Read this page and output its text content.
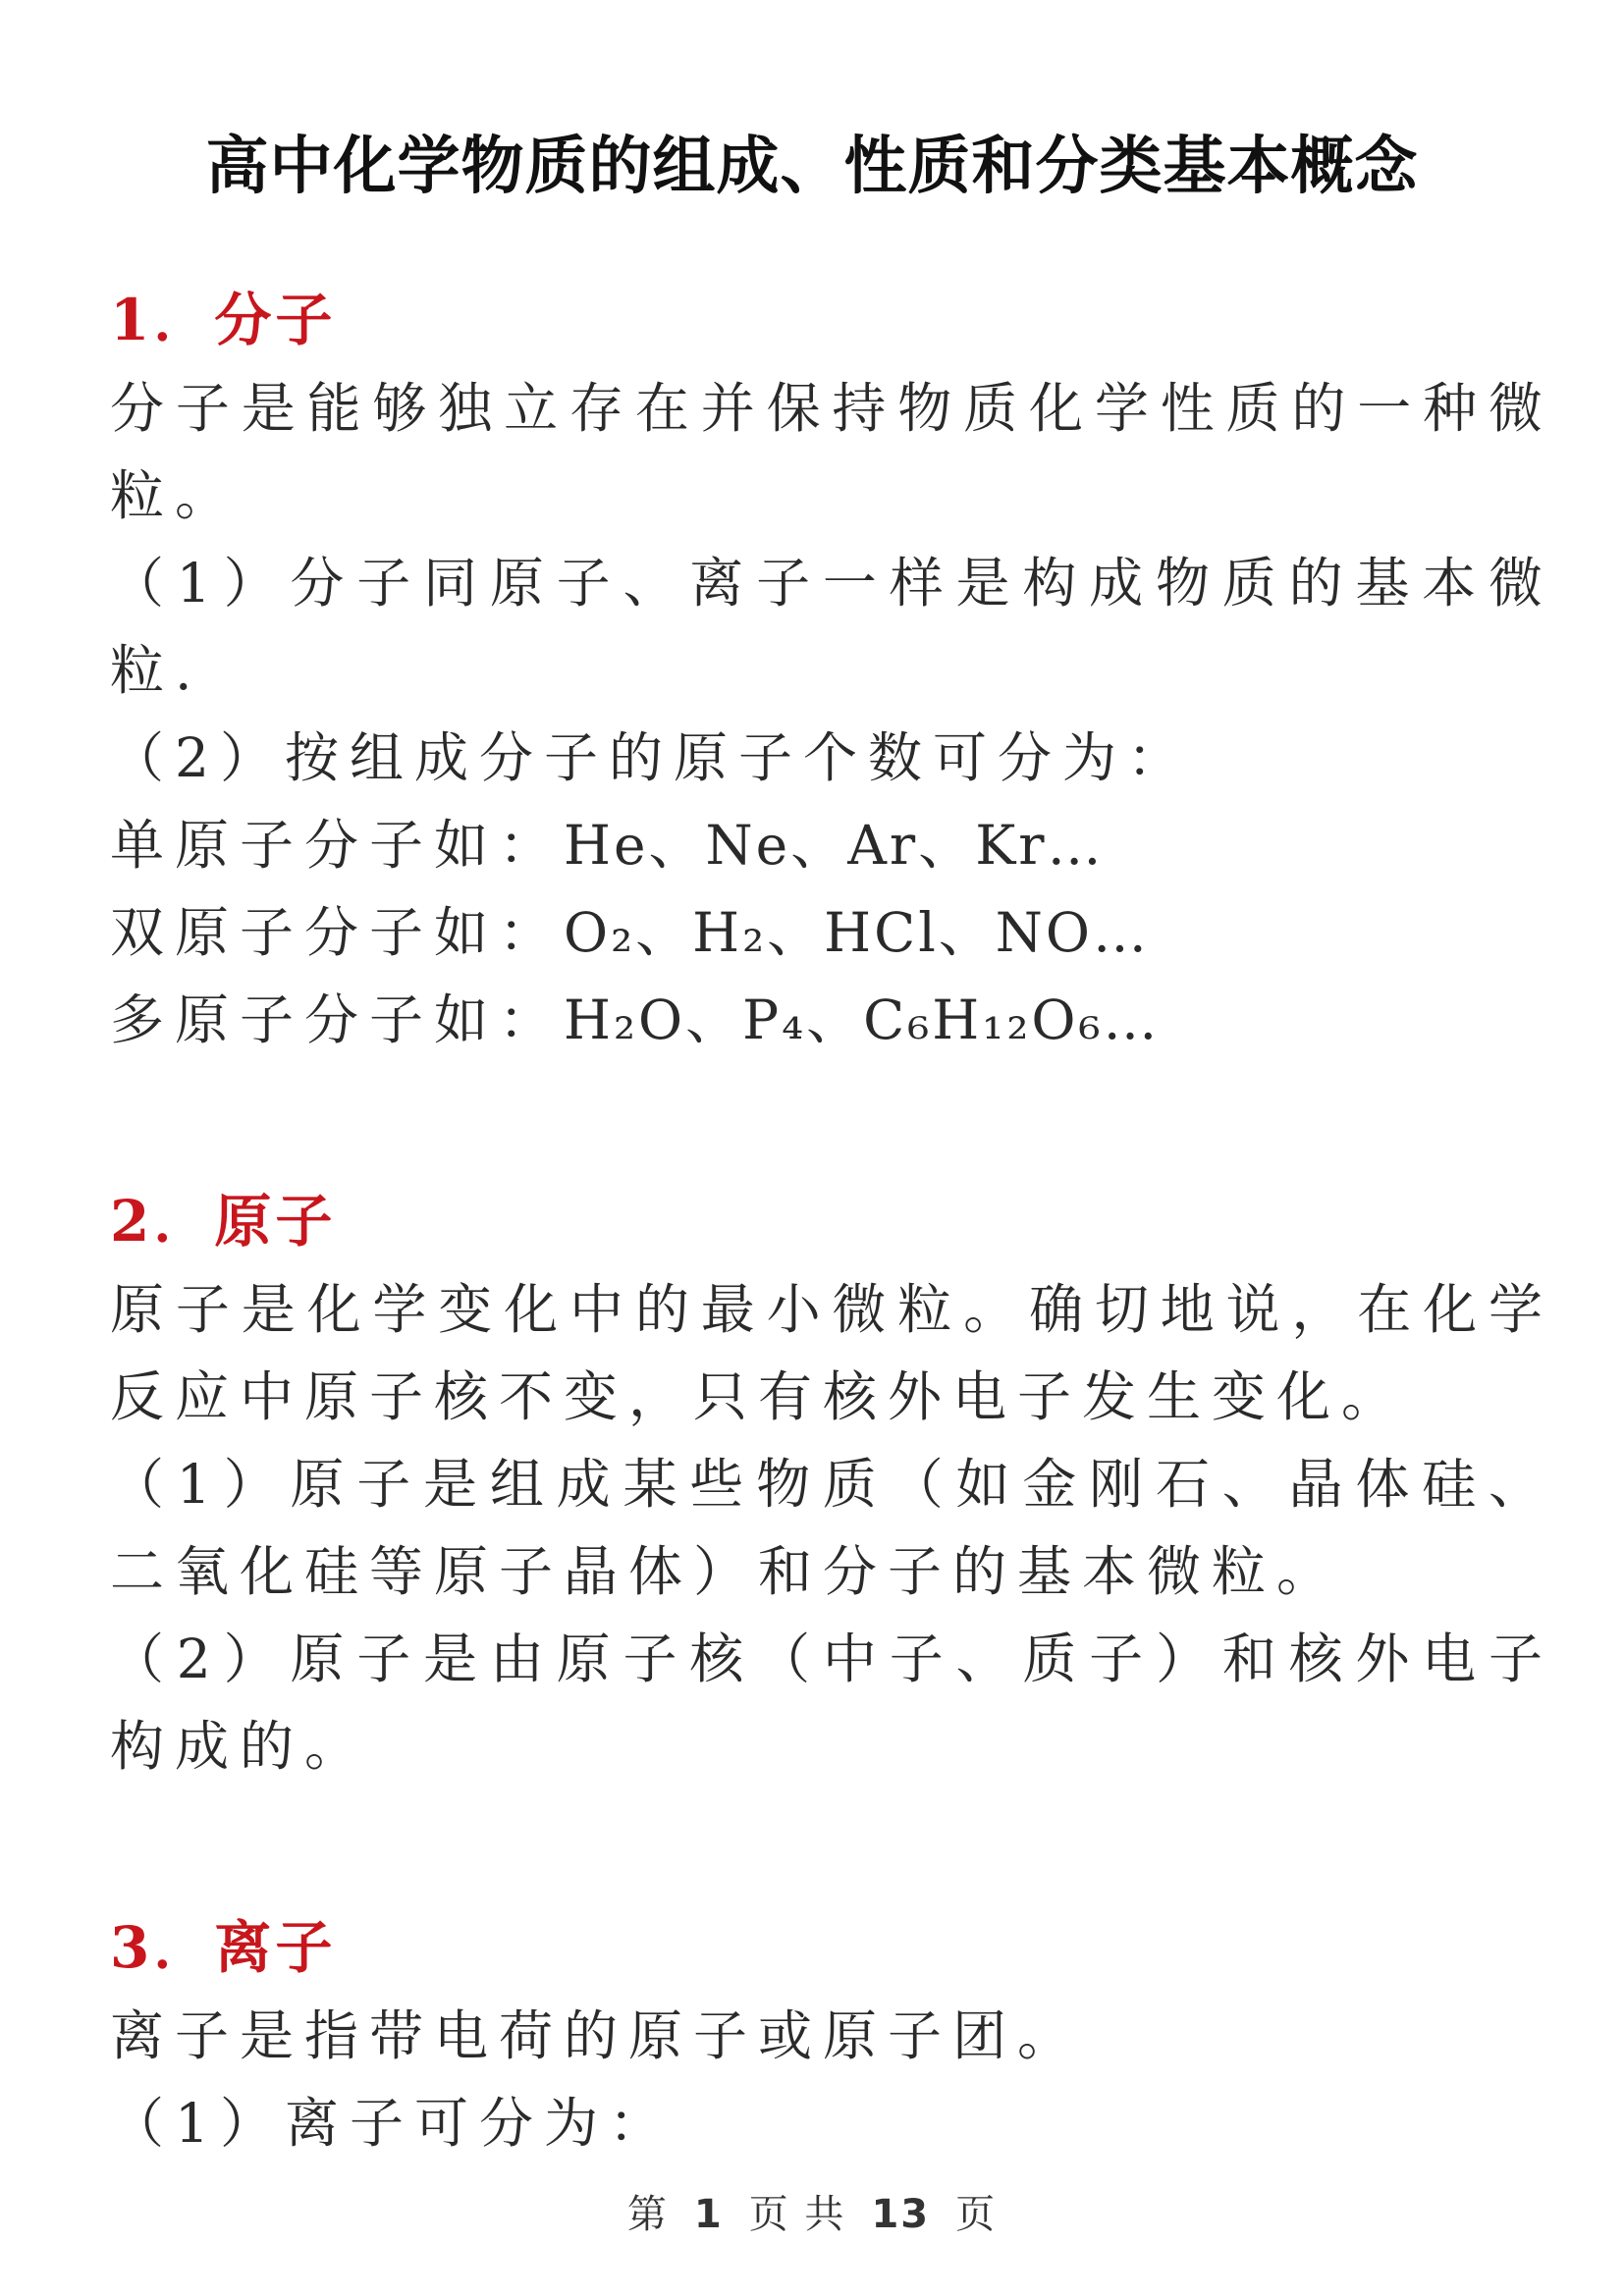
高中化学物质的组成、性质和分类基本概念
1．分子
分子是能够独立存在并保持物质化学性质的一种微粒。
（1）分子同原子、离子一样是构成物质的基本微粒.
（2）按组成分子的原子个数可分为：
单原子分子如：He、Ne、Ar、Kr…
双原子分子如：O₂、H₂、HCl、NO…
多原子分子如：H₂O、P₄、C₆H₁₂O₆…
2．原子
原子是化学变化中的最小微粒。确切地说，在化学反应中原子核不变，只有核外电子发生变化。
（1）原子是组成某些物质（如金刚石、晶体硅、二氧化硅等原子晶体）和分子的基本微粒。
（2）原子是由原子核（中子、质子）和核外电子构成的。
3．离子
离子是指带电荷的原子或原子团。
（1）离子可分为：
第 1 页 共 13 页
